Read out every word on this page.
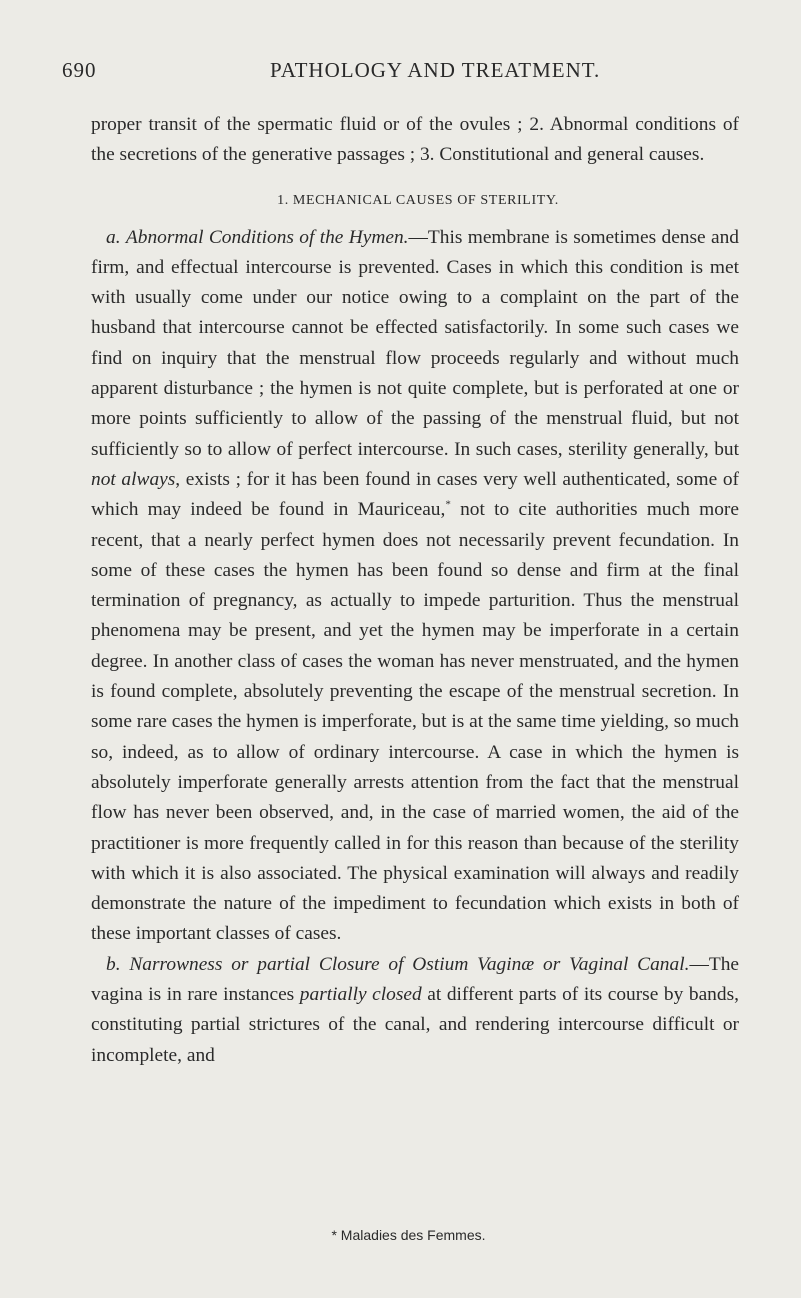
690	PATHOLOGY AND TREATMENT.

proper transit of the spermatic fluid or of the ovules ; 2. Abnormal conditions of the secretions of the generative passages ; 3. Constitutional and general causes.

1. MECHANICAL CAUSES OF STERILITY.

a. Abnormal Conditions of the Hymen.—This membrane is sometimes dense and firm, and effectual intercourse is prevented. Cases in which this condition is met with usually come under our notice owing to a complaint on the part of the husband that intercourse cannot be effected satisfactorily. In some such cases we find on inquiry that the menstrual flow proceeds regularly and without much apparent disturbance ; the hymen is not quite complete, but is perforated at one or more points sufficiently to allow of the passing of the menstrual fluid, but not sufficiently so to allow of perfect intercourse. In such cases, sterility generally, but not always, exists ; for it has been found in cases very well authenticated, some of which may indeed be found in Mauriceau,* not to cite authorities much more recent, that a nearly perfect hymen does not necessarily prevent fecundation. In some of these cases the hymen has been found so dense and firm at the final termination of pregnancy, as actually to impede parturition. Thus the menstrual phenomena may be present, and yet the hymen may be imperforate in a certain degree. In another class of cases the woman has never menstruated, and the hymen is found complete, absolutely preventing the escape of the menstrual secretion. In some rare cases the hymen is imperforate, but is at the same time yielding, so much so, indeed, as to allow of ordinary intercourse. A case in which the hymen is absolutely imperforate generally arrests attention from the fact that the menstrual flow has never been observed, and, in the case of married women, the aid of the practitioner is more frequently called in for this reason than because of the sterility with which it is also associated. The physical examination will always and readily demonstrate the nature of the impediment to fecundation which exists in both of these important classes of cases.

b. Narrowness or partial Closure of Ostium Vaginæ or Vaginal Canal.—The vagina is in rare instances partially closed at different parts of its course by bands, constituting partial strictures of the canal, and rendering intercourse difficult or incomplete, and

* Maladies des Femmes.
